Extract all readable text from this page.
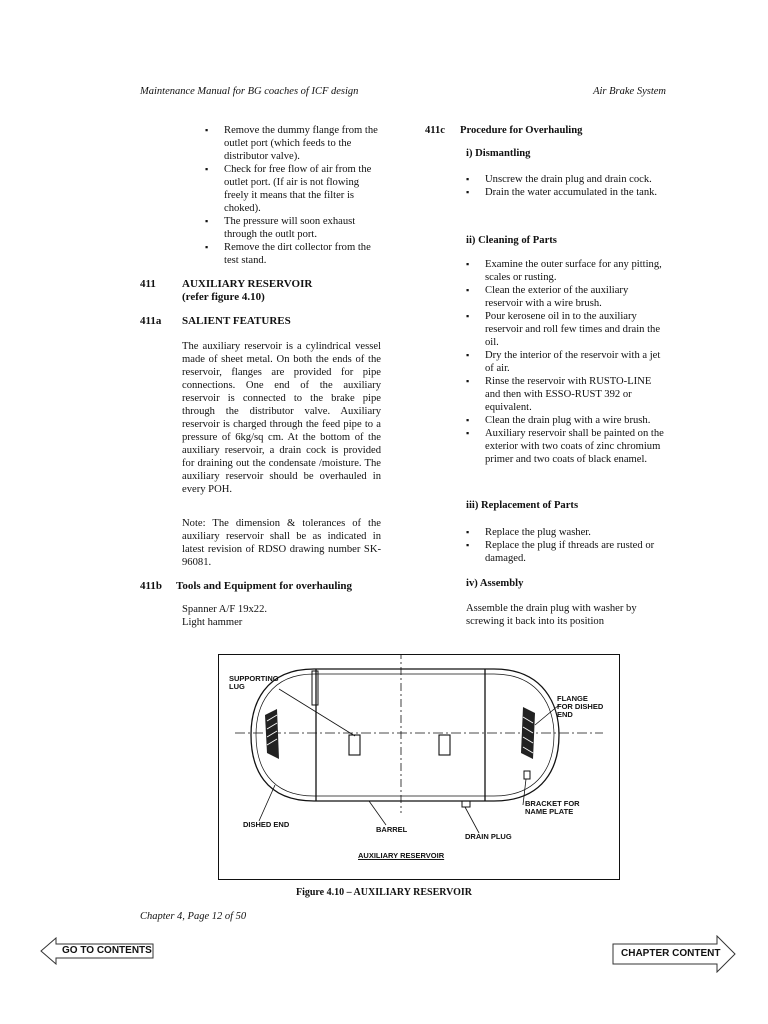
Maintenance Manual for BG coaches of ICF design	Air Brake System
▪ Remove the dummy flange from the outlet port (which feeds to the distributor valve).
▪ Check for free flow of air from the outlet port. (If air is not flowing freely it means that the filter is choked).
▪ The pressure will soon exhaust through the outlt port.
▪ Remove the dirt collector from the test stand.
411 AUXILIARY RESERVOIR
(refer figure 4.10)
411a SALIENT FEATURES
The auxiliary reservoir is a cylindrical vessel made of sheet metal. On both the ends of the reservoir, flanges are provided for pipe connections. One end of the auxiliary reservoir is connected to the brake pipe through the distributor valve. Auxiliary reservoir is charged through the feed pipe to a pressure of 6kg/sq cm. At the bottom of the auxiliary reservoir, a drain cock is provided for draining out the condensate /moisture. The auxiliary reservoir should be overhauled in every POH.
Note: The dimension & tolerances of the auxiliary reservoir shall be as indicated in latest revision of RDSO drawing number SK-96081.
411b Tools and Equipment for overhauling
Spanner A/F 19x22.
Light hammer
411c Procedure for Overhauling
i) Dismantling
▪ Unscrew the drain plug and drain cock.
▪ Drain the water accumulated in the tank.
ii) Cleaning of Parts
▪ Examine the outer surface for any pitting, scales or rusting.
▪ Clean the exterior of the auxiliary reservoir with a wire brush.
▪ Pour kerosene oil in to the auxiliary reservoir and roll few times and drain the oil.
▪ Dry the interior of the reservoir with a jet of air.
▪ Rinse the reservoir with RUSTO-LINE and then with ESSO-RUST 392 or equivalent.
▪ Clean the drain plug with a wire brush.
▪ Auxiliary reservoir shall be painted on the exterior with two coats of zinc chromium primer and two coats of black enamel.
iii) Replacement of Parts
▪ Replace the plug washer.
▪ Replace the plug if threads are rusted or damaged.
iv) Assembly
Assemble the drain plug with washer by screwing it back into its position
SUPPORTING
LUG
FLANGE
FOR DISHED
END
BRACKET FOR
NAME PLATE
DISHED END
BARREL
DRAIN PLUG
AUXILIARY RESERVOIR
Figure 4.10 – AUXILIARY RESERVOIR
Chapter 4, Page 12 of 50
GO TO CONTENTS	CHAPTER CONTENT
